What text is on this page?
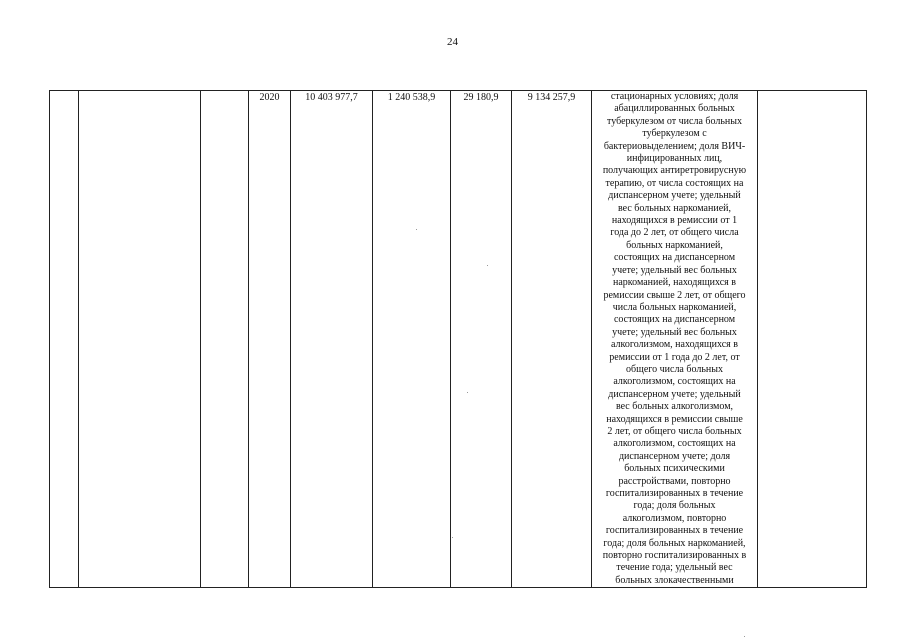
24
			2020	10 403 977,7	1 240 538,9	29 180,9	9 134 257,9	стационарных условиях; доля
абациллированных больных
туберкулезом от числа больных
туберкулезом с
бактериовыделением; доля ВИЧ-
инфицированных лиц,
получающих антиретровирусную
терапию, от числа состоящих на
диспансерном учете; удельный
вес больных наркоманией,
находящихся в ремиссии от 1
года до 2 лет, от общего числа
больных наркоманией,
состоящих на диспансерном
учете; удельный вес больных
наркоманией, находящихся в
ремиссии свыше 2 лет, от общего
числа больных наркоманией,
состоящих на диспансерном
учете; удельный вес больных
алкоголизмом, находящихся в
ремиссии от 1 года до 2 лет, от
общего числа больных
алкоголизмом, состоящих на
диспансерном учете; удельный
вес больных алкоголизмом,
находящихся в ремиссии свыше
2 лет, от общего числа больных
алкоголизмом, состоящих на
диспансерном учете; доля
больных психическими
расстройствами, повторно
госпитализированных в течение
года; доля больных
алкоголизмом, повторно
госпитализированных в течение
года; доля больных наркоманией,
повторно госпитализированных в
течение года; удельный вес
больных злокачественными
